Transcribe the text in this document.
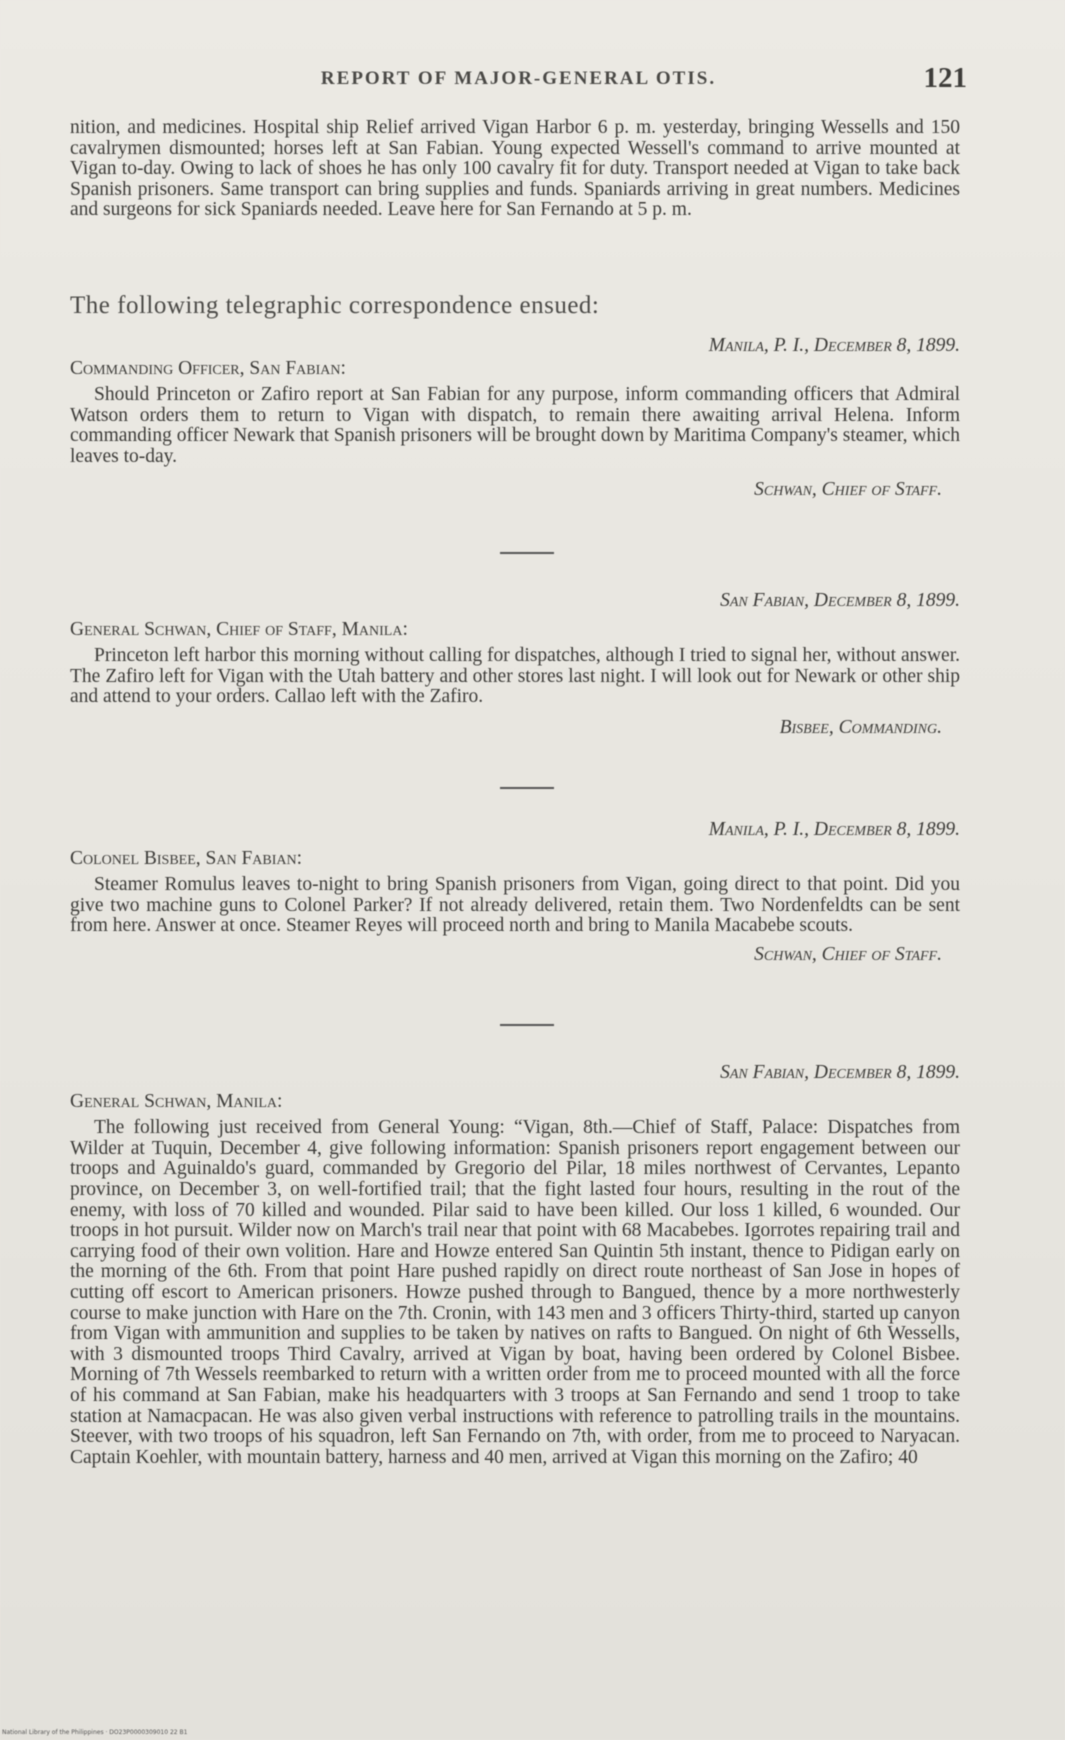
REPORT OF MAJOR-GENERAL OTIS.	121

nition, and medicines. Hospital ship Relief arrived Vigan Harbor 6 p. m. yesterday, bringing Wessells and 150 cavalrymen dismounted; horses left at San Fabian. Young expected Wessell's command to arrive mounted at Vigan to-day. Owing to lack of shoes he has only 100 cavalry fit for duty. Transport needed at Vigan to take back Spanish prisoners. Same transport can bring supplies and funds. Spaniards arriving in great numbers. Medicines and surgeons for sick Spaniards needed. Leave here for San Fernando at 5 p. m.

The following telegraphic correspondence ensued:

Manila, P. I., December 8, 1899.

Commanding Officer, San Fabian:

Should Princeton or Zafiro report at San Fabian for any purpose, inform commanding officers that Admiral Watson orders them to return to Vigan with dispatch, to remain there awaiting arrival Helena. Inform commanding officer Newark that Spanish prisoners will be brought down by Maritima Company's steamer, which leaves to-day.

Schwan, Chief of Staff.

San Fabian, December 8, 1899.

General Schwan, Chief of Staff, Manila:

Princeton left harbor this morning without calling for dispatches, although I tried to signal her, without answer. The Zafiro left for Vigan with the Utah battery and other stores last night. I will look out for Newark or other ship and attend to your orders. Callao left with the Zafiro.

Bisbee, Commanding.

Manila, P. I., December 8, 1899.

Colonel Bisbee, San Fabian:

Steamer Romulus leaves to-night to bring Spanish prisoners from Vigan, going direct to that point. Did you give two machine guns to Colonel Parker? If not already delivered, retain them. Two Nordenfeldts can be sent from here. Answer at once. Steamer Reyes will proceed north and bring to Manila Macabebe scouts.

Schwan, Chief of Staff.

San Fabian, December 8, 1899.

General Schwan, Manila:

The following just received from General Young: “Vigan, 8th.—Chief of Staff, Palace: Dispatches from Wilder at Tuquin, December 4, give following information: Spanish prisoners report engagement between our troops and Aguinaldo's guard, commanded by Gregorio del Pilar, 18 miles northwest of Cervantes, Lepanto province, on December 3, on well-fortified trail; that the fight lasted four hours, resulting in the rout of the enemy, with loss of 70 killed and wounded. Pilar said to have been killed. Our loss 1 killed, 6 wounded. Our troops in hot pursuit. Wilder now on March's trail near that point with 68 Macabebes. Igorrotes repairing trail and carrying food of their own volition. Hare and Howze entered San Quintin 5th instant, thence to Pidigan early on the morning of the 6th. From that point Hare pushed rapidly on direct route northeast of San Jose in hopes of cutting off escort to American prisoners. Howze pushed through to Bangued, thence by a more northwesterly course to make junction with Hare on the 7th. Cronin, with 143 men and 3 officers Thirty-third, started up canyon from Vigan with ammunition and supplies to be taken by natives on rafts to Bangued. On night of 6th Wessells, with 3 dismounted troops Third Cavalry, arrived at Vigan by boat, having been ordered by Colonel Bisbee. Morning of 7th Wessels reembarked to return with a written order from me to proceed mounted with all the force of his command at San Fabian, make his headquarters with 3 troops at San Fernando and send 1 troop to take station at Namacpacan. He was also given verbal instructions with reference to patrolling trails in the mountains. Steever, with two troops of his squadron, left San Fernando on 7th, with order, from me to proceed to Naryacan. Captain Koehler, with mountain battery, harness and 40 men, arrived at Vigan this morning on the Zafiro; 40

National Library of the Philippines · DO23P0000309010 22 B1
